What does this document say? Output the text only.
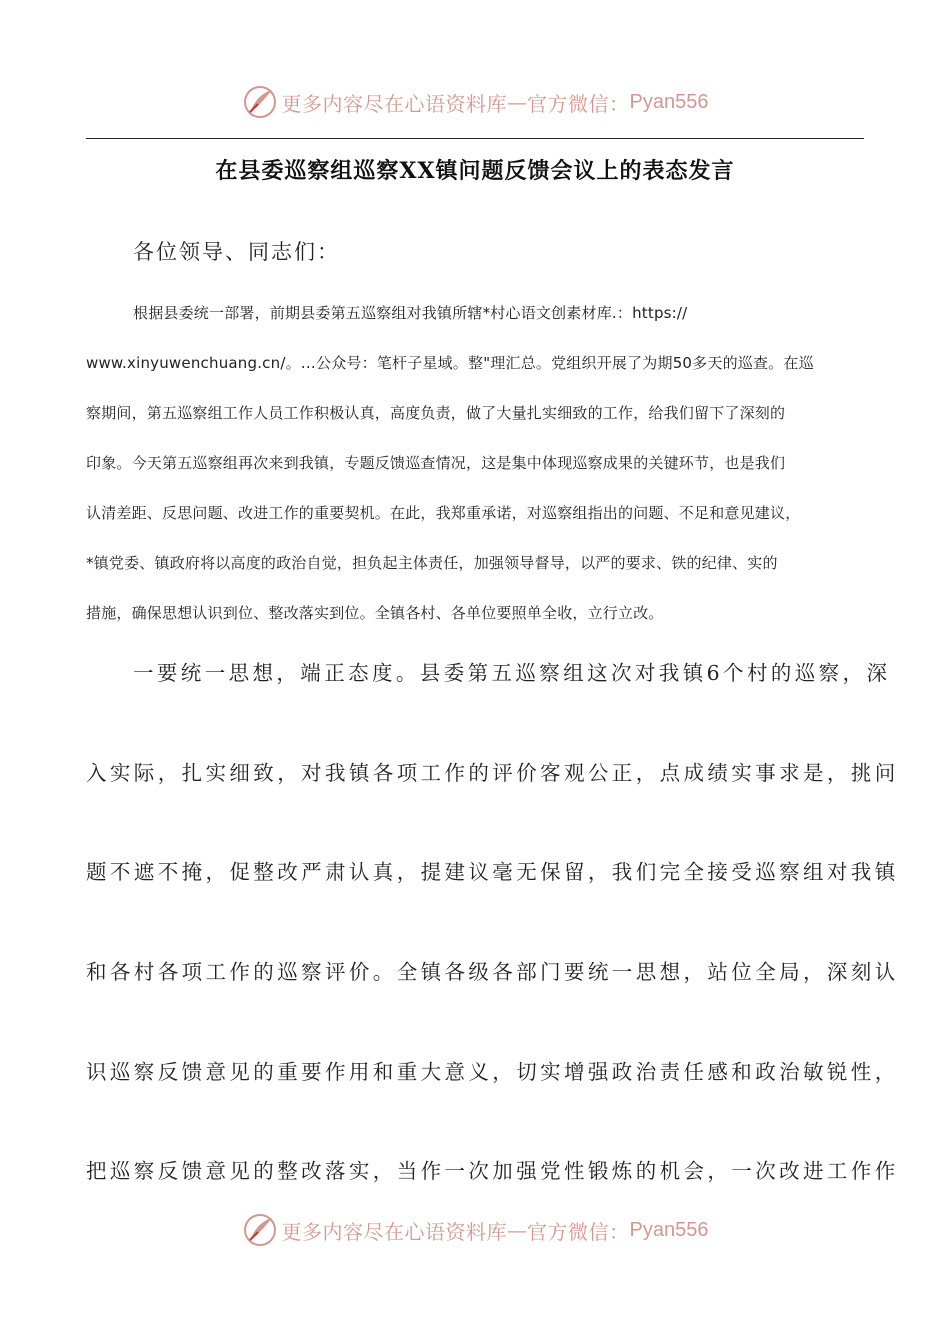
更多内容尽在心语资料库 — 官方微信： Pyan556
在县委巡察组巡察XX镇问题反馈会议上的表态发言
各位领导、同志们：
根据县委统一部署，前期县委第五巡察组对我镇所辖*村心语文创素材库.：https://
www.xinyuwenchuang.cn/。…公众号：笔杆子星域。整"理汇总。党组织开展了为期50多天的巡查。在巡
察期间，第五巡察组工作人员工作积极认真，高度负责，做了大量扎实细致的工作，给我们留下了深刻的
印象。今天第五巡察组再次来到我镇，专题反馈巡查情况，这是集中体现巡察成果的关键环节，也是我们
认清差距、反思问题、改进工作的重要契机。在此，我郑重承诺，对巡察组指出的问题、不足和意见建议，
*镇党委、镇政府将以高度的政治自觉，担负起主体责任，加强领导督导，以严的要求、铁的纪律、实的
措施，确保思想认识到位、整改落实到位。全镇各村、各单位要照单全收，立行立改。
一要统一思想，端正态度。县委第五巡察组这次对我镇6个村的巡察，深
入实际，扎实细致，对我镇各项工作的评价客观公正，点成绩实事求是，挑问
题不遮不掩，促整改严肃认真，提建议毫无保留，我们完全接受巡察组对我镇
和各村各项工作的巡察评价。全镇各级各部门要统一思想，站位全局，深刻认
识巡察反馈意见的重要作用和重大意义，切实增强政治责任感和政治敏锐性，
把巡察反馈意见的整改落实，当作一次加强党性锻炼的机会，一次改进工作作
更多内容尽在心语资料库 — 官方微信： Pyan556
